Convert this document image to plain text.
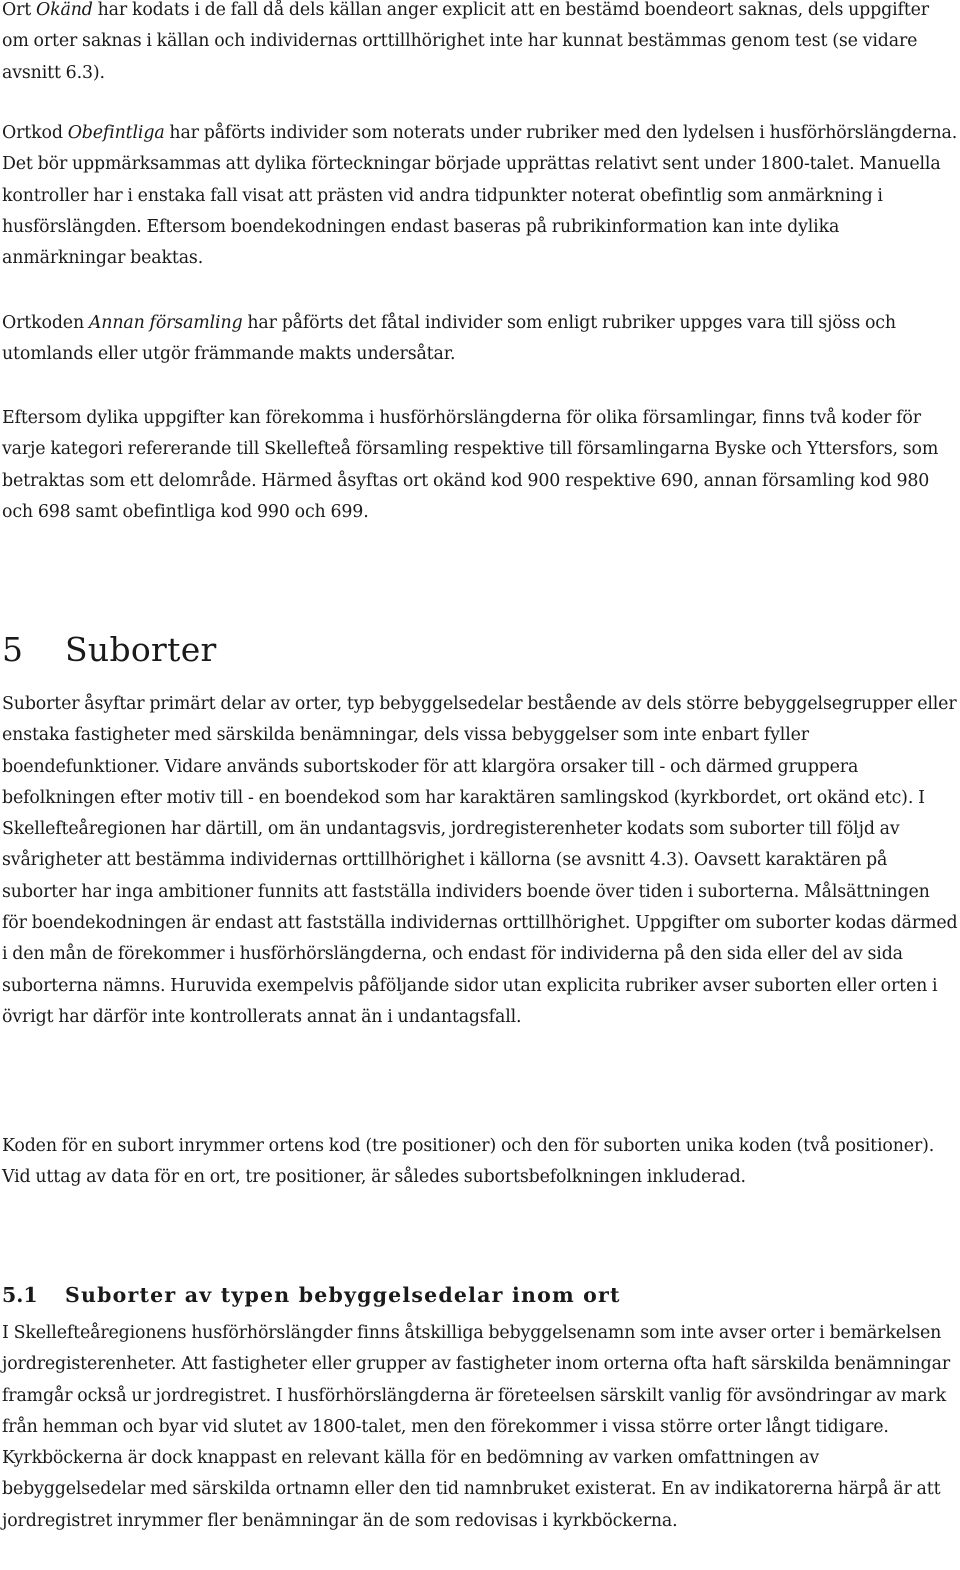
Ort Okänd har kodats i de fall då dels källan anger explicit att en bestämd boendeort saknas, dels uppgifter om orter saknas i källan och individernas orttillhörighet inte har kunnat bestämmas genom test (se vidare avsnitt 6.3).

Ortkod Obefintliga har påförts individer som noterats under rubriker med den lydelsen i husförhörslängderna. Det bör uppmärksammas att dylika förteckningar började upprättas relativt sent under 1800-talet. Manuella kontroller har i enstaka fall visat att prästen vid andra tidpunkter noterat obefintlig som anmärkning i husförslängden. Eftersom boendekodningen endast baseras på rubrikinformation kan inte dylika anmärkningar beaktas.

Ortkoden Annan församling har påförts det fåtal individer som enligt rubriker uppges vara till sjöss och utomlands eller utgör främmande makts undersåtar.

Eftersom dylika uppgifter kan förekomma i husförhörslängderna för olika församlingar, finns två koder för varje kategori refererande till Skellefteå församling respektive till församlingarna Byske och Yttersfors, som betraktas som ett delområde. Härmed åsyftas ort okänd kod 900 respektive 690, annan församling kod 980 och 698 samt obefintliga kod 990 och 699.

5 Suborter

Suborter åsyftar primärt delar av orter, typ bebyggelsedelar bestående av dels större bebyggelsegrupper eller enstaka fastigheter med särskilda benämningar, dels vissa bebyggelser som inte enbart fyller boendefunktioner. Vidare används subortskoder för att klargöra orsaker till - och därmed gruppera befolkningen efter motiv till - en boendekod som har karaktären samlingskod (kyrkbordet, ort okänd etc). I Skellefteåregionen har därtill, om än undantagsvis, jordregisterenheter kodats som suborter till följd av svårigheter att bestämma individernas orttillhörighet i källorna (se avsnitt 4.3). Oavsett karaktären på suborter har inga ambitioner funnits att fastställa individers boende över tiden i suborterna. Målsättningen för boendekodningen är endast att fastställa individernas orttillhörighet. Uppgifter om suborter kodas därmed i den mån de förekommer i husförhörslängderna, och endast för individerna på den sida eller del av sida suborterna nämns. Huruvida exempelvis påföljande sidor utan explicita rubriker avser suborten eller orten i övrigt har därför inte kontrollerats annat än i undantagsfall.

Koden för en subort inrymmer ortens kod (tre positioner) och den för suborten unika koden (två positioner). Vid uttag av data för en ort, tre positioner, är således subortsbefolkningen inkluderad.

5.1 Suborter av typen bebyggelsedelar inom ort

I Skellefteåregionens husförhörslängder finns åtskilliga bebyggelsenamn som inte avser orter i bemärkelsen jordregisterenheter. Att fastigheter eller grupper av fastigheter inom orterna ofta haft särskilda benämningar framgår också ur jordregistret. I husförhörslängderna är företeelsen särskilt vanlig för avsöndringar av mark från hemman och byar vid slutet av 1800-talet, men den förekommer i vissa större orter långt tidigare. Kyrkböckerna är dock knappast en relevant källa för en bedömning av varken omfattningen av bebyggelsedelar med särskilda ortnamn eller den tid namnbruket existerat. En av indikatorerna härpå är att jordregistret inrymmer fler benämningar än de som redovisas i kyrkböckerna.
